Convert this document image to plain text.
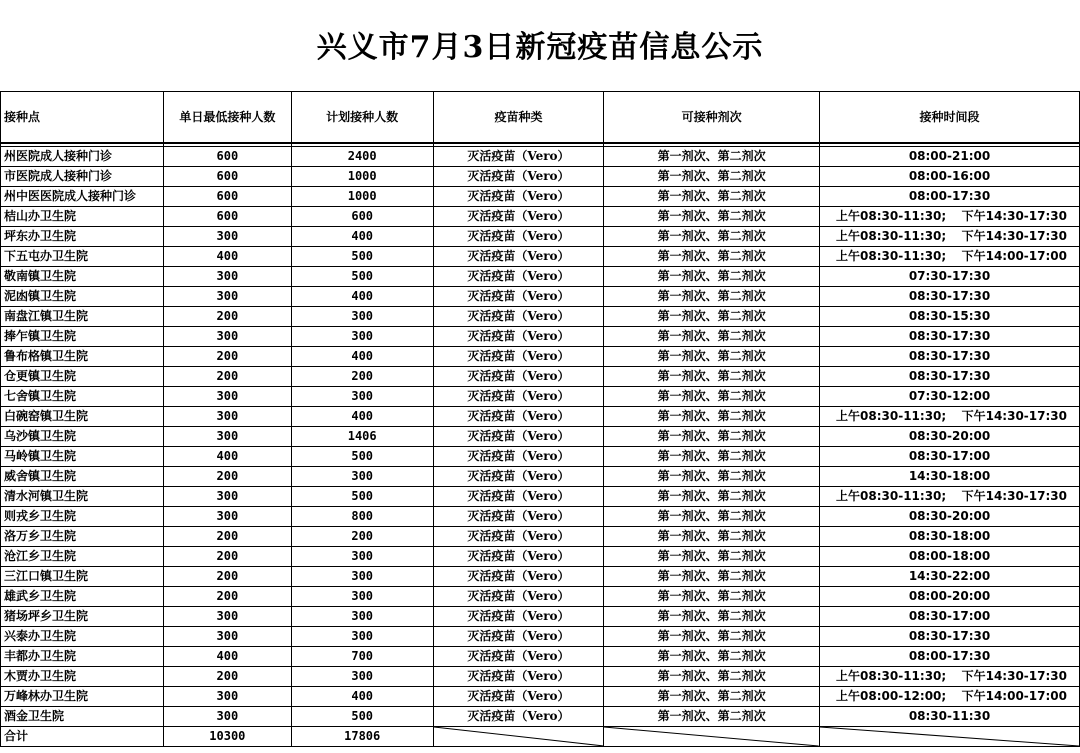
兴义市7月3日新冠疫苗信息公示
接种点	单日最低接种人数	计划接种人数	疫苗种类	可接种剂次	接种时间段

州医院成人接种门诊	600	2400	灭活疫苗（Vero）	第一剂次、第二剂次	08:00-21:00

市医院成人接种门诊	600	1000	灭活疫苗（Vero）	第一剂次、第二剂次	08:00-16:00

州中医医院成人接种门诊	600	1000	灭活疫苗（Vero）	第一剂次、第二剂次	08:00-17:30

桔山办卫生院	600	600	灭活疫苗（Vero）	第一剂次、第二剂次	上午08:30-11:30; 下午14:30-17:30

坪东办卫生院	300	400	灭活疫苗（Vero）	第一剂次、第二剂次	上午08:30-11:30; 下午14:30-17:30

下五屯办卫生院	400	500	灭活疫苗（Vero）	第一剂次、第二剂次	上午08:30-11:30; 下午14:00-17:00

敬南镇卫生院	300	500	灭活疫苗（Vero）	第一剂次、第二剂次	07:30-17:30

泥凼镇卫生院	300	400	灭活疫苗（Vero）	第一剂次、第二剂次	08:30-17:30

南盘江镇卫生院	200	300	灭活疫苗（Vero）	第一剂次、第二剂次	08:30-15:30

捧乍镇卫生院	300	300	灭活疫苗（Vero）	第一剂次、第二剂次	08:30-17:30

鲁布格镇卫生院	200	400	灭活疫苗（Vero）	第一剂次、第二剂次	08:30-17:30

仓更镇卫生院	200	200	灭活疫苗（Vero）	第一剂次、第二剂次	08:30-17:30

七舍镇卫生院	300	300	灭活疫苗（Vero）	第一剂次、第二剂次	07:30-12:00

白碗窑镇卫生院	300	400	灭活疫苗（Vero）	第一剂次、第二剂次	上午08:30-11:30; 下午14:30-17:30

乌沙镇卫生院	300	1406	灭活疫苗（Vero）	第一剂次、第二剂次	08:30-20:00

马岭镇卫生院	400	500	灭活疫苗（Vero）	第一剂次、第二剂次	08:30-17:00

威舍镇卫生院	200	300	灭活疫苗（Vero）	第一剂次、第二剂次	14:30-18:00

清水河镇卫生院	300	500	灭活疫苗（Vero）	第一剂次、第二剂次	上午08:30-11:30; 下午14:30-17:30

则戎乡卫生院	300	800	灭活疫苗（Vero）	第一剂次、第二剂次	08:30-20:00

洛万乡卫生院	200	200	灭活疫苗（Vero）	第一剂次、第二剂次	08:30-18:00

沧江乡卫生院	200	300	灭活疫苗（Vero）	第一剂次、第二剂次	08:00-18:00

三江口镇卫生院	200	300	灭活疫苗（Vero）	第一剂次、第二剂次	14:30-22:00

雄武乡卫生院	200	300	灭活疫苗（Vero）	第一剂次、第二剂次	08:00-20:00

猪场坪乡卫生院	300	300	灭活疫苗（Vero）	第一剂次、第二剂次	08:30-17:00

兴泰办卫生院	300	300	灭活疫苗（Vero）	第一剂次、第二剂次	08:30-17:30

丰都办卫生院	400	700	灭活疫苗（Vero）	第一剂次、第二剂次	08:00-17:30

木贾办卫生院	200	300	灭活疫苗（Vero）	第一剂次、第二剂次	上午08:30-11:30; 下午14:30-17:30

万峰林办卫生院	300	400	灭活疫苗（Vero）	第一剂次、第二剂次	上午08:00-12:00; 下午14:00-17:00

酒金卫生院	300	500	灭活疫苗（Vero）	第一剂次、第二剂次	08:30-11:30

合计	10300	17806	
